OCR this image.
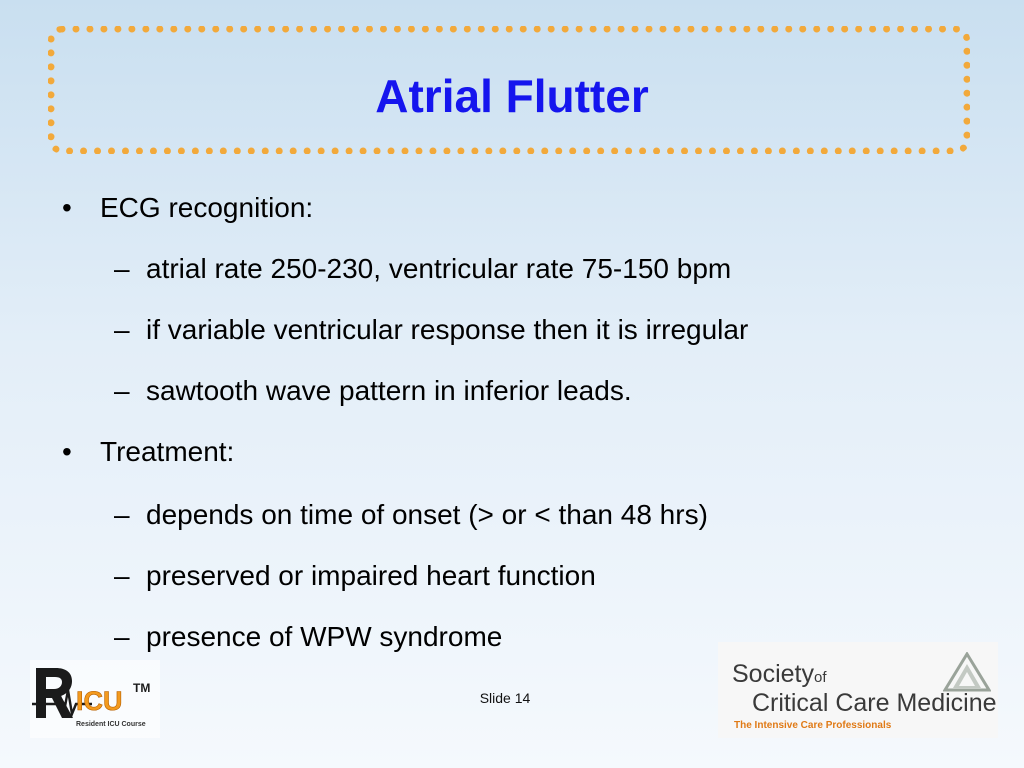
Atrial Flutter
• ECG recognition:
– atrial rate 250-230, ventricular rate 75-150 bpm
– if variable ventricular response then it is irregular
– sawtooth wave pattern in inferior leads.
• Treatment:
– depends on time of onset (> or < than 48 hrs)
– preserved or impaired heart function
– presence of WPW syndrome
Slide 14
ICU TM
Resident ICU Course
Societyof
Critical Care Medicine
The Intensive Care Professionals
